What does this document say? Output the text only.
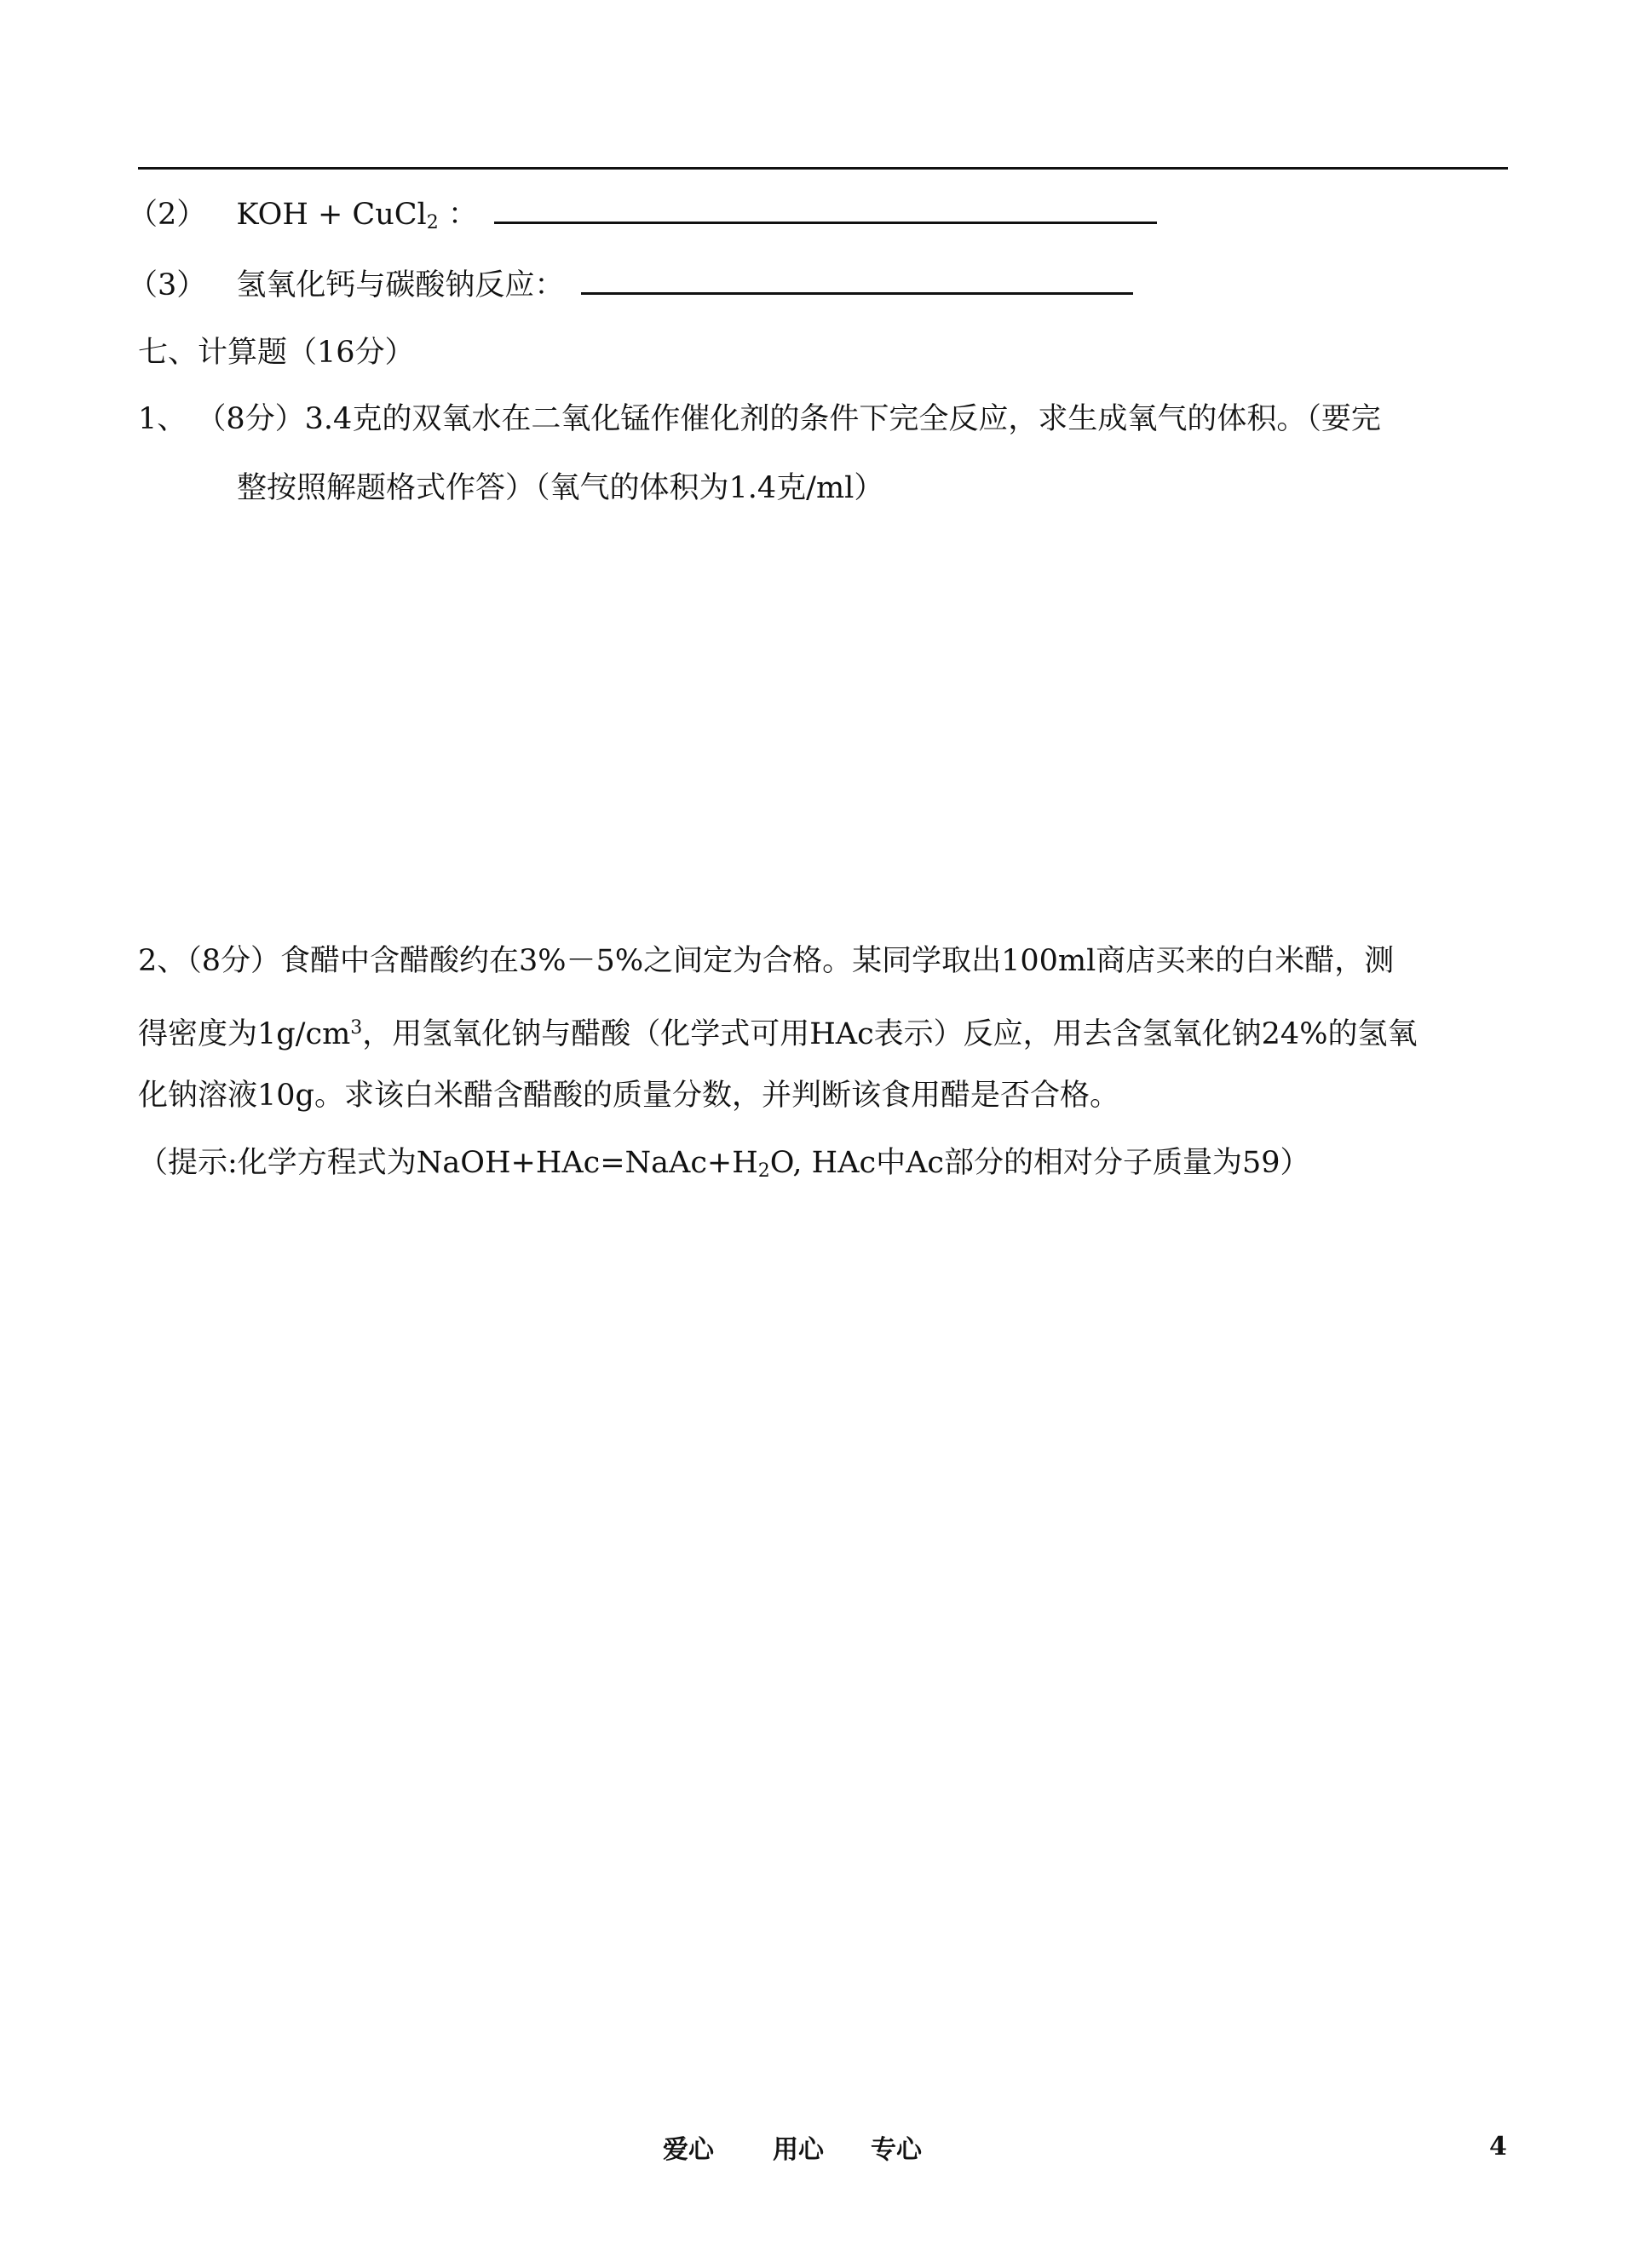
（2） KOH + CuCl$_2$ ：
（3） 氢氧化钙与碳酸钠反应：
七、计算题（16分）
1、 （8分）3.4克的双氧水在二氧化锰作催化剂的条件下完全反应，求生成氧气的体积。（要完
整按照解题格式作答）（氧气的体积为1.4克/ml）
2、（8分）食醋中含醋酸约在3%－5%之间定为合格。某同学取出100ml商店买来的白米醋，测
得密度为$1g/cm^3$，用氢氧化钠与醋酸（化学式可用HAc表示）反应，用去含氢氧化钠24%的氢氧
化钠溶液10g。求该白米醋含醋酸的质量分数，并判断该食用醋是否合格。
（提示:化学方程式为$NaOH+HAc=NaAc+H_2O$, HAc中Ac部分的相对分子质量为59）
爱心 用心 专心	4
